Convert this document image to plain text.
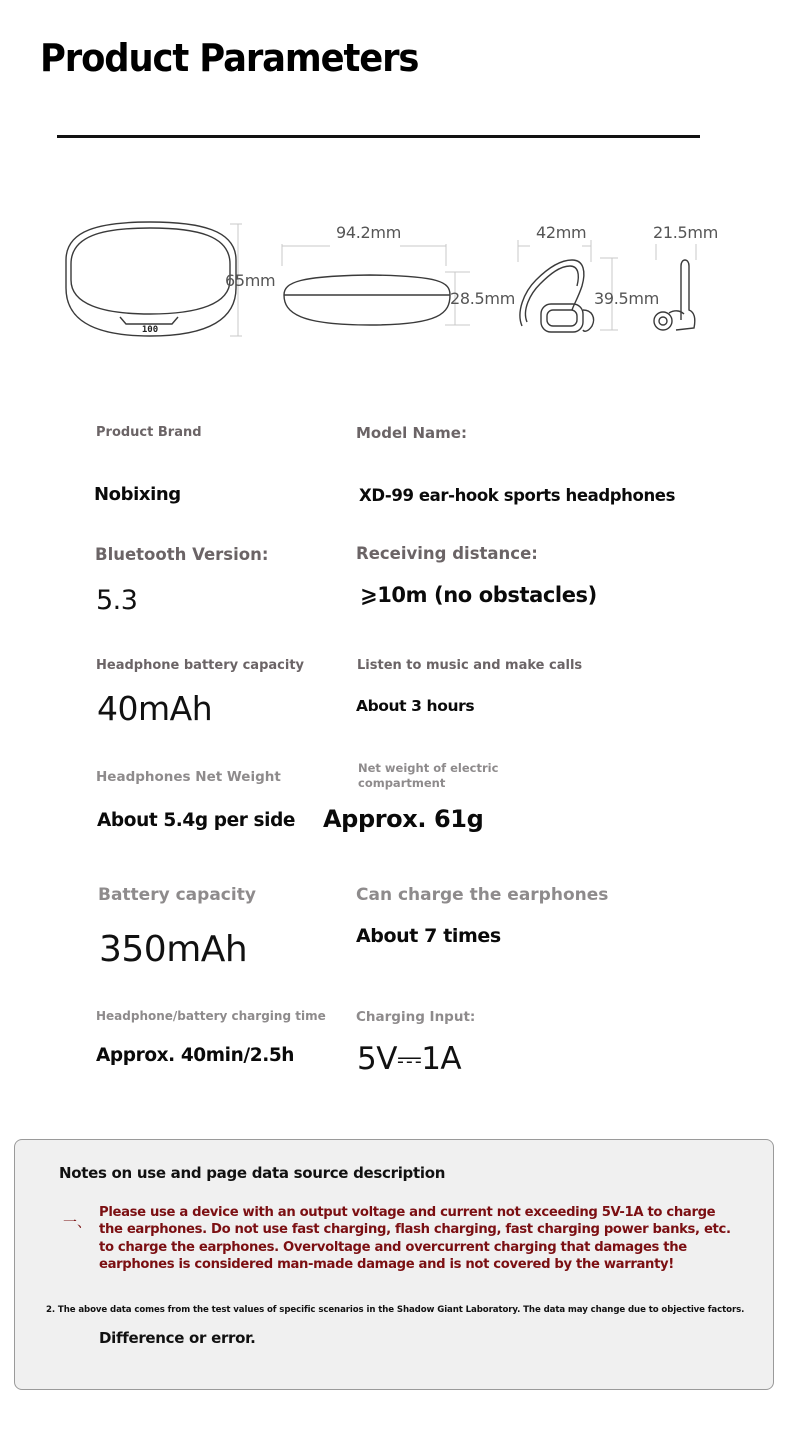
Product Parameters
100
65mm
94.2mm
28.5mm
42mm
39.5mm
21.5mm
Product Brand
Nobixing
Model Name:
XD-99 ear-hook sports headphones
Bluetooth Version:
5.3
Receiving distance:
⩾10m (no obstacles)
Headphone battery capacity
40mAh
Listen to music and make calls
About 3 hours
Headphones Net Weight
About 5.4g per side
Net weight of electric
compartment
Approx. 61g
Battery capacity
350mAh
Can charge the earphones
About 7 times
Headphone/battery charging time
Approx. 40min/2.5h
Charging Input:
5V⎓1A
Notes on use and page data source description
一、
Please use a device with an output voltage and current not exceeding 5V-1A to charge the earphones. Do not use fast charging, flash charging, fast charging power banks, etc. to charge the earphones. Overvoltage and overcurrent charging that damages the earphones is considered man-made damage and is not covered by the warranty!
2. The above data comes from the test values of specific scenarios in the Shadow Giant Laboratory. The data may change due to objective factors.
Difference or error.
